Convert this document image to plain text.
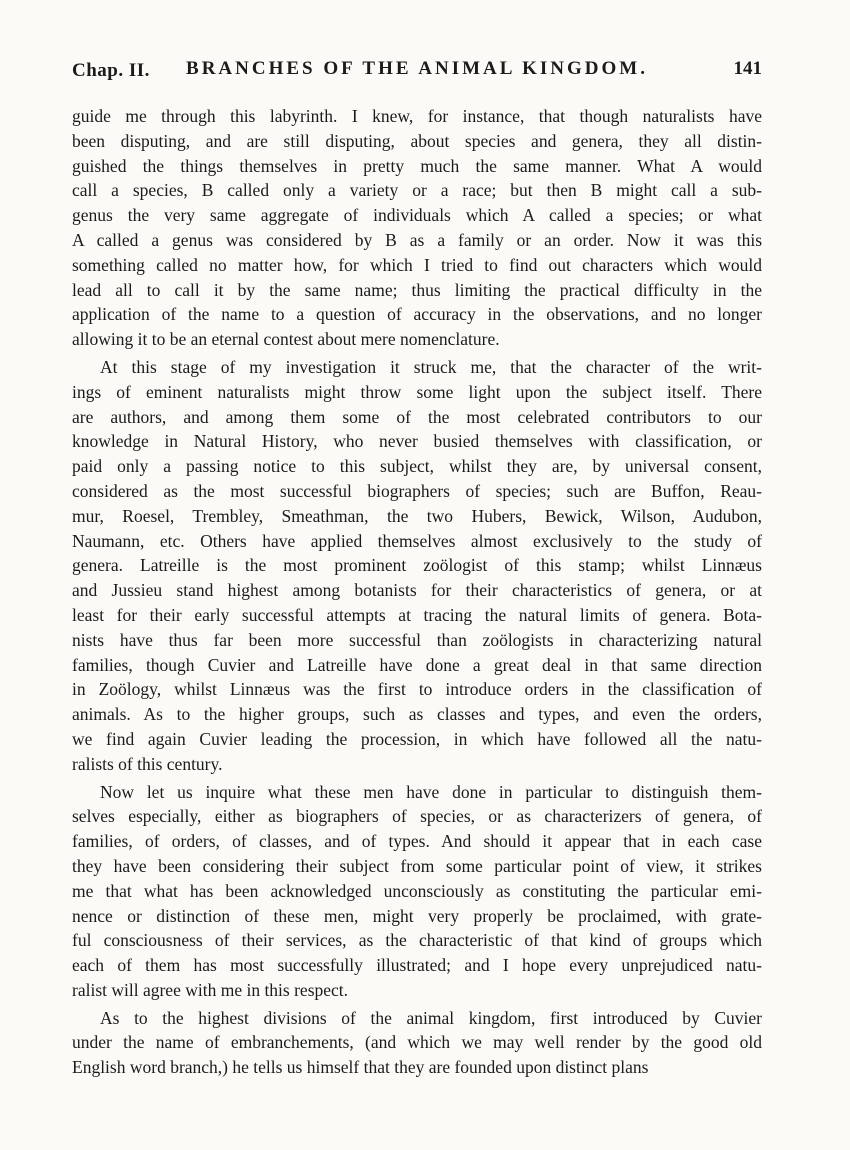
Chap. II.	BRANCHES OF THE ANIMAL KINGDOM.	141

guide me through this labyrinth. I knew, for instance, that though naturalists have
been disputing, and are still disputing, about species and genera, they all distin-
guished the things themselves in pretty much the same manner. What A would
call a species, B called only a variety or a race; but then B might call a sub-
genus the very same aggregate of individuals which A called a species; or what
A called a genus was considered by B as a family or an order. Now it was this
something called no matter how, for which I tried to find out characters which would
lead all to call it by the same name; thus limiting the practical difficulty in the
application of the name to a question of accuracy in the observations, and no longer
allowing it to be an eternal contest about mere nomenclature.

At this stage of my investigation it struck me, that the character of the writ-
ings of eminent naturalists might throw some light upon the subject itself. There
are authors, and among them some of the most celebrated contributors to our
knowledge in Natural History, who never busied themselves with classification, or
paid only a passing notice to this subject, whilst they are, by universal consent,
considered as the most successful biographers of species; such are Buffon, Reau-
mur, Roesel, Trembley, Smeathman, the two Hubers, Bewick, Wilson, Audubon,
Naumann, etc. Others have applied themselves almost exclusively to the study of
genera. Latreille is the most prominent zoölogist of this stamp; whilst Linnæus
and Jussieu stand highest among botanists for their characteristics of genera, or at
least for their early successful attempts at tracing the natural limits of genera. Bota-
nists have thus far been more successful than zoölogists in characterizing natural
families, though Cuvier and Latreille have done a great deal in that same direction
in Zoölogy, whilst Linnæus was the first to introduce orders in the classification of
animals. As to the higher groups, such as classes and types, and even the orders,
we find again Cuvier leading the procession, in which have followed all the natu-
ralists of this century.

Now let us inquire what these men have done in particular to distinguish them-
selves especially, either as biographers of species, or as characterizers of genera, of
families, of orders, of classes, and of types. And should it appear that in each case
they have been considering their subject from some particular point of view, it strikes
me that what has been acknowledged unconsciously as constituting the particular emi-
nence or distinction of these men, might very properly be proclaimed, with grate-
ful consciousness of their services, as the characteristic of that kind of groups which
each of them has most successfully illustrated; and I hope every unprejudiced natu-
ralist will agree with me in this respect.

As to the highest divisions of the animal kingdom, first introduced by Cuvier
under the name of embranchements, (and which we may well render by the good old
English word branch,) he tells us himself that they are founded upon distinct plans
